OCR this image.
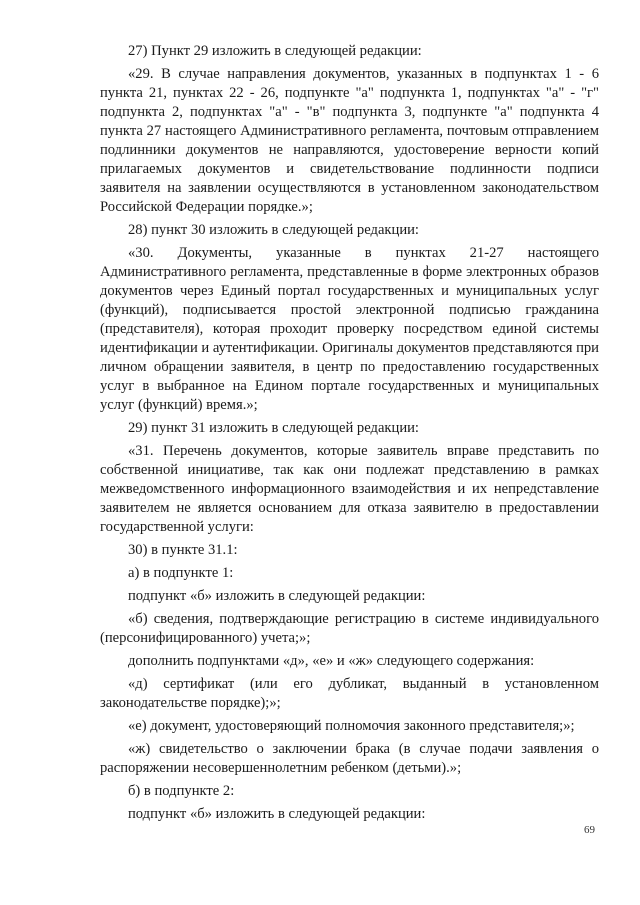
27) Пункт 29 изложить в следующей редакции:

«29. В случае направления документов, указанных в подпунктах 1 - 6 пункта 21, пунктах 22 - 26, подпункте "а" подпункта 1, подпунктах "а" - "г" подпункта 2, подпунктах "а" - "в" подпункта 3, подпункте "а" подпункта 4 пункта 27 настоящего Административного регламента, почтовым отправлением подлинники документов не направляются, удостоверение верности копий прилагаемых документов и свидетельствование подлинности подписи заявителя на заявлении осуществляются в установленном законодательством Российской Федерации порядке.»;

28) пункт 30 изложить в следующей редакции:

«30. Документы, указанные в пунктах 21-27 настоящего Административного регламента, представленные в форме электронных образов документов через Единый портал государственных и муниципальных услуг (функций), подписывается простой электронной подписью гражданина (представителя), которая проходит проверку посредством единой системы идентификации и аутентификации. Оригиналы документов представляются при личном обращении заявителя, в центр по предоставлению государственных услуг в выбранное на Едином портале государственных и муниципальных услуг (функций) время.»;

29) пункт 31 изложить в следующей редакции:

«31. Перечень документов, которые заявитель вправе представить по собственной инициативе, так как они подлежат представлению в рамках межведомственного информационного взаимодействия и их непредставление заявителем не является основанием для отказа заявителю в предоставлении государственной услуги:

30) в пункте 31.1:

а) в подпункте 1:

подпункт «б» изложить в следующей редакции:

«б) сведения, подтверждающие регистрацию в системе индивидуального (персонифицированного) учета;»;

дополнить подпунктами «д», «е» и «ж» следующего содержания:

«д) сертификат (или его дубликат, выданный в установленном законодательстве порядке);»;

«е) документ, удостоверяющий полномочия законного представителя;»;

«ж) свидетельство о заключении брака (в случае подачи заявления о распоряжении несовершеннолетним ребенком (детьми).»;

б) в подпункте 2:

подпункт «б» изложить в следующей редакции:

69
